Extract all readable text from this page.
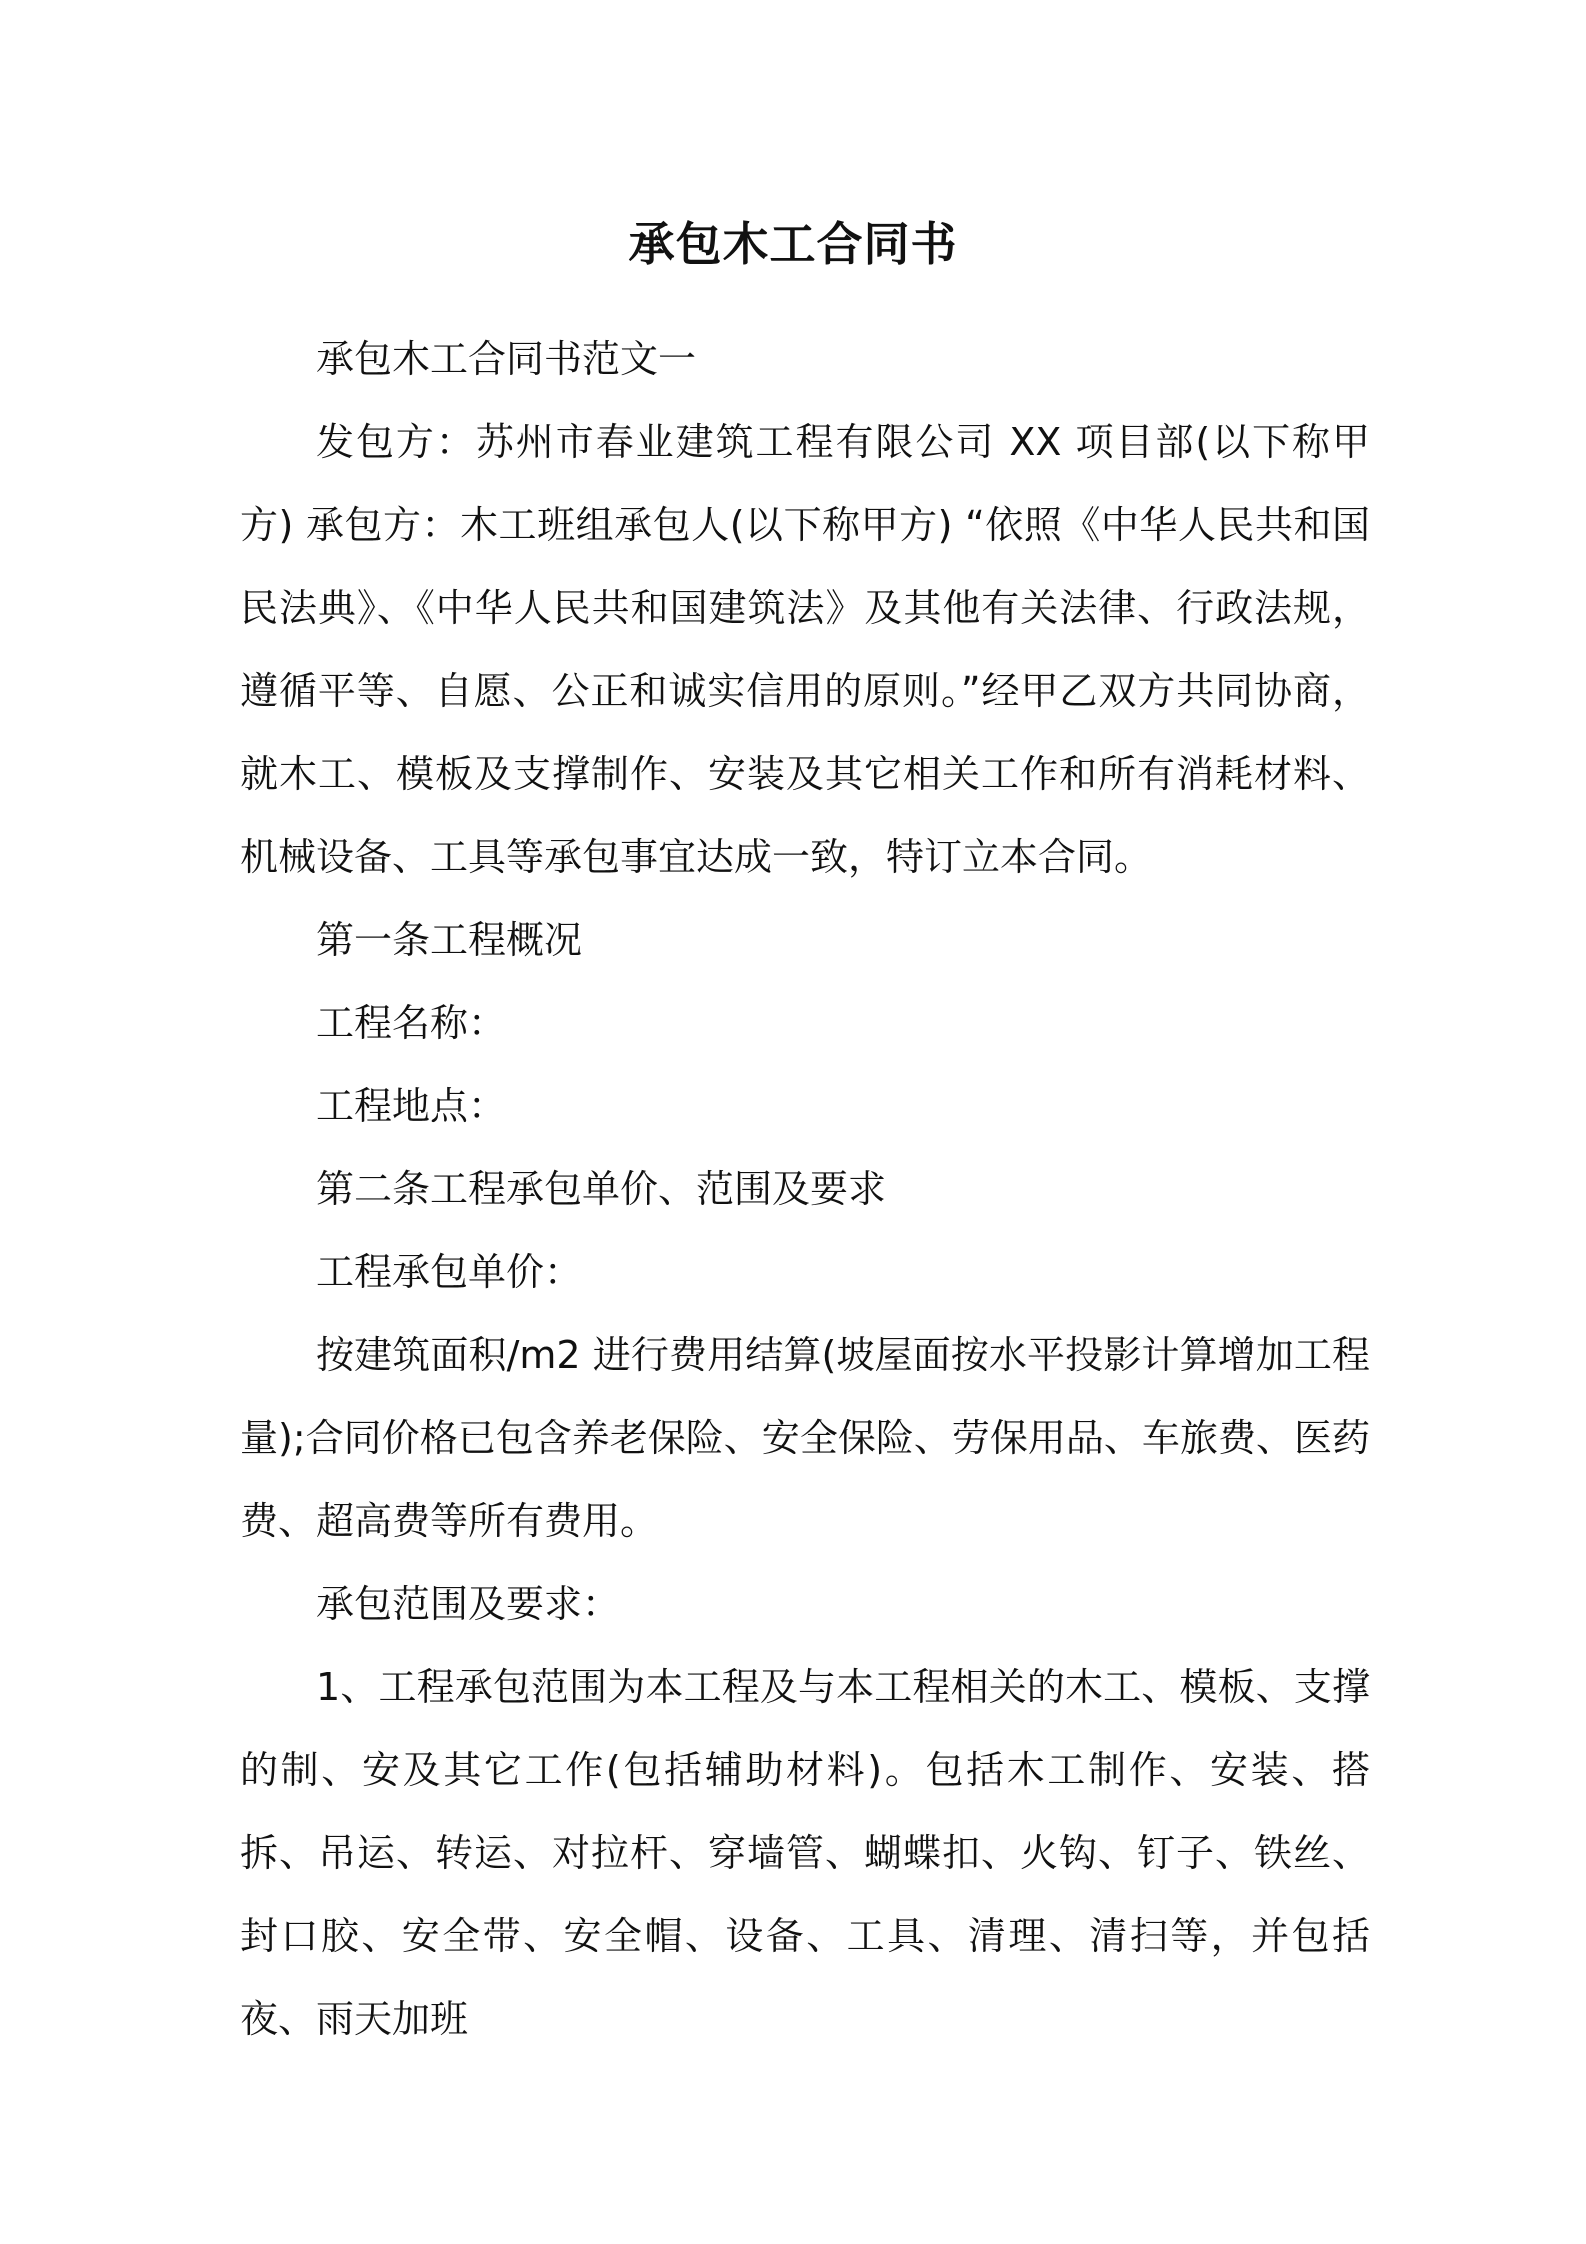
承包木工合同书

承包木工合同书范文一

发包方：苏州市春业建筑工程有限公司 XX 项目部(以下称甲方) 承包方：木工班组承包人(以下称甲方) “依照《中华人民共和国民法典》、《中华人民共和国建筑法》及其他有关法律、行政法规，遵循平等、自愿、公正和诚实信用的原则。”经甲乙双方共同协商，就木工、模板及支撑制作、安装及其它相关工作和所有消耗材料、机械设备、工具等承包事宜达成一致，特订立本合同。

第一条工程概况

工程名称：

工程地点：

第二条工程承包单价、范围及要求

工程承包单价：

按建筑面积/m2 进行费用结算(坡屋面按水平投影计算增加工程量);合同价格已包含养老保险、安全保险、劳保用品、车旅费、医药费、超高费等所有费用。

承包范围及要求：

1、工程承包范围为本工程及与本工程相关的木工、模板、支撑的制、安及其它工作(包括辅助材料)。包括木工制作、安装、搭拆、吊运、转运、对拉杆、穿墙管、蝴蝶扣、火钩、钉子、铁丝、封口胶、安全带、安全帽、设备、工具、清理、清扫等，并包括夜、雨天加班
